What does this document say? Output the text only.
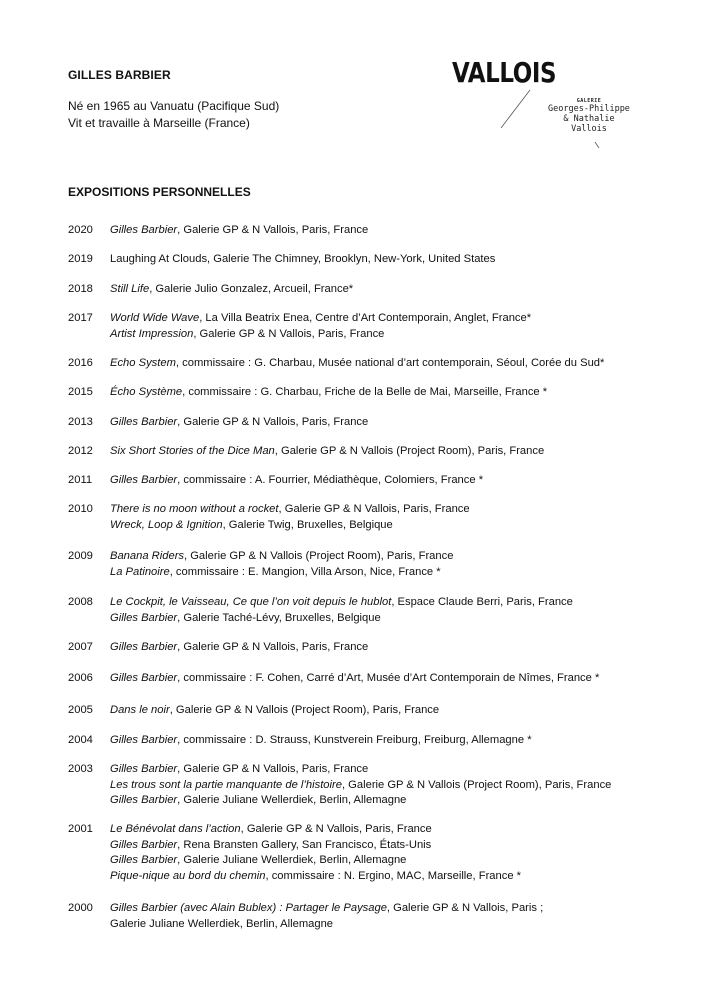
GILLES BARBIER
Né en 1965 au Vanuatu (Pacifique Sud)
Vit et travaille à Marseille (France)
VALLOIS
GALERIE
Georges-Philippe
& Nathalie
Vallois
EXPOSITIONS PERSONNELLES
2020	Gilles Barbier, Galerie GP & N Vallois, Paris, France
2019	Laughing At Clouds, Galerie The Chimney, Brooklyn, New-York, United States
2018	Still Life, Galerie Julio Gonzalez, Arcueil, France*
2017	World Wide Wave, La Villa Beatrix Enea, Centre d’Art Contemporain, Anglet, France*
Artist Impression, Galerie GP & N Vallois, Paris, France
2016	Echo System, commissaire : G. Charbau, Musée national d’art contemporain, Séoul, Corée du Sud*
2015	Écho Système, commissaire : G. Charbau, Friche de la Belle de Mai, Marseille, France *
2013	Gilles Barbier, Galerie GP & N Vallois, Paris, France
2012	Six Short Stories of the Dice Man, Galerie GP & N Vallois (Project Room), Paris, France
2011	Gilles Barbier, commissaire : A. Fourrier, Médiathèque, Colomiers, France *
2010	There is no moon without a rocket, Galerie GP & N Vallois, Paris, France
Wreck, Loop & Ignition, Galerie Twig, Bruxelles, Belgique
2009	Banana Riders, Galerie GP & N Vallois (Project Room), Paris, France
La Patinoire, commissaire : E. Mangion, Villa Arson, Nice, France *
2008	Le Cockpit, le Vaisseau, Ce que l’on voit depuis le hublot, Espace Claude Berri, Paris, France
Gilles Barbier, Galerie Taché-Lévy, Bruxelles, Belgique
2007	Gilles Barbier, Galerie GP & N Vallois, Paris, France
2006	Gilles Barbier, commissaire : F. Cohen, Carré d’Art, Musée d’Art Contemporain de Nîmes, France *
2005	Dans le noir, Galerie GP & N Vallois (Project Room), Paris, France
2004	Gilles Barbier, commissaire : D. Strauss, Kunstverein Freiburg, Freiburg, Allemagne *
2003	Gilles Barbier, Galerie GP & N Vallois, Paris, France
Les trous sont la partie manquante de l’histoire, Galerie GP & N Vallois (Project Room), Paris, France
Gilles Barbier, Galerie Juliane Wellerdiek, Berlin, Allemagne
2001	Le Bénévolat dans l’action, Galerie GP & N Vallois, Paris, France
Gilles Barbier, Rena Bransten Gallery, San Francisco, États-Unis
Gilles Barbier, Galerie Juliane Wellerdiek, Berlin, Allemagne
Pique-nique au bord du chemin, commissaire : N. Ergino, MAC, Marseille, France *
2000	Gilles Barbier (avec Alain Bublex) : Partager le Paysage, Galerie GP & N Vallois, Paris ;
Galerie Juliane Wellerdiek, Berlin, Allemagne
